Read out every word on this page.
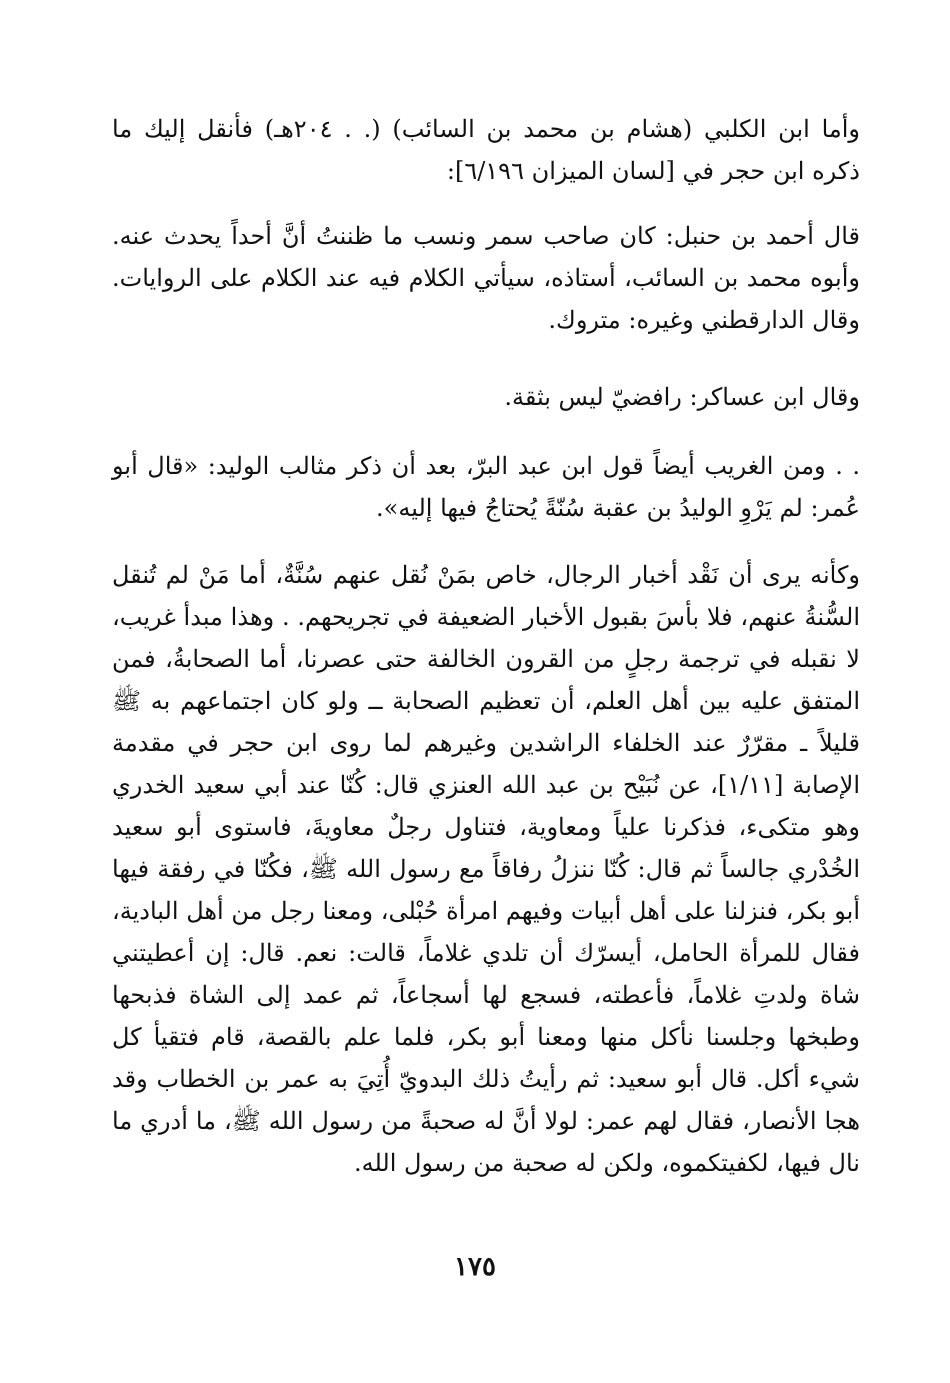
وأما ابن الكلبي (هشام بن محمد بن السائب) (. . ٢٠٤هـ) فأنقل إليك ما ذكره ابن حجر في [لسان الميزان ٦/١٩٦]:

قال أحمد بن حنبل: كان صاحب سمر ونسب ما ظننتُ أنَّ أحداً يحدث عنه. وأبوه محمد بن السائب، أستاذه، سيأتي الكلام فيه عند الكلام على الروايات. وقال الدارقطني وغيره: متروك.

وقال ابن عساكر: رافضيّ ليس بثقة.

. . ومن الغريب أيضاً قول ابن عبد البرّ، بعد أن ذكر مثالب الوليد: «قال أبو عُمر: لم يَرْوِ الوليدُ بن عقبة سُنّةً يُحتاجُ فيها إليه».

وكأنه يرى أن نَقْد أخبار الرجال، خاص بمَنْ نُقل عنهم سُنَّةٌ، أما مَنْ لم تُنقل السُّنةُ عنهم، فلا بأسَ بقبول الأخبار الضعيفة في تجريحهم. . وهذا مبدأ غريب، لا نقبله في ترجمة رجلٍ من القرون الخالفة حتى عصرنا، أما الصحابةُ، فمن المتفق عليه بين أهل العلم، أن تعظيم الصحابة ــ ولو كان اجتماعهم به ﷺ قليلاً ـ مقرّرٌ عند الخلفاء الراشدين وغيرهم لما روى ابن حجر في مقدمة الإصابة [١/١١]، عن نُبَيْح بن عبد الله العنزي قال: كُنّا عند أبي سعيد الخدري وهو متكىء، فذكرنا علياً ومعاوية، فتناول رجلٌ معاويةَ، فاستوى أبو سعيد الخُدْري جالساً ثم قال: كُنّا ننزلُ رفاقاً مع رسول الله ﷺ، فكُنّا في رفقة فيها أبو بكر، فنزلنا على أهل أبيات وفيهم امرأة حُبْلى، ومعنا رجل من أهل البادية، فقال للمرأة الحامل، أيسرّك أن تلدي غلاماً، قالت: نعم. قال: إن أعطيتني شاة ولدتِ غلاماً، فأعطته، فسجع لها أسجاعاً، ثم عمد إلى الشاة فذبحها وطبخها وجلسنا نأكل منها ومعنا أبو بكر، فلما علم بالقصة، قام فتقيأ كل شيء أكل. قال أبو سعيد: ثم رأيتُ ذلك البدويّ أُتِيَ به عمر بن الخطاب وقد هجا الأنصار، فقال لهم عمر: لولا أنَّ له صحبةً من رسول الله ﷺ، ما أدري ما نال فيها، لكفيتكموه، ولكن له صحبة من رسول الله.

١٧٥
